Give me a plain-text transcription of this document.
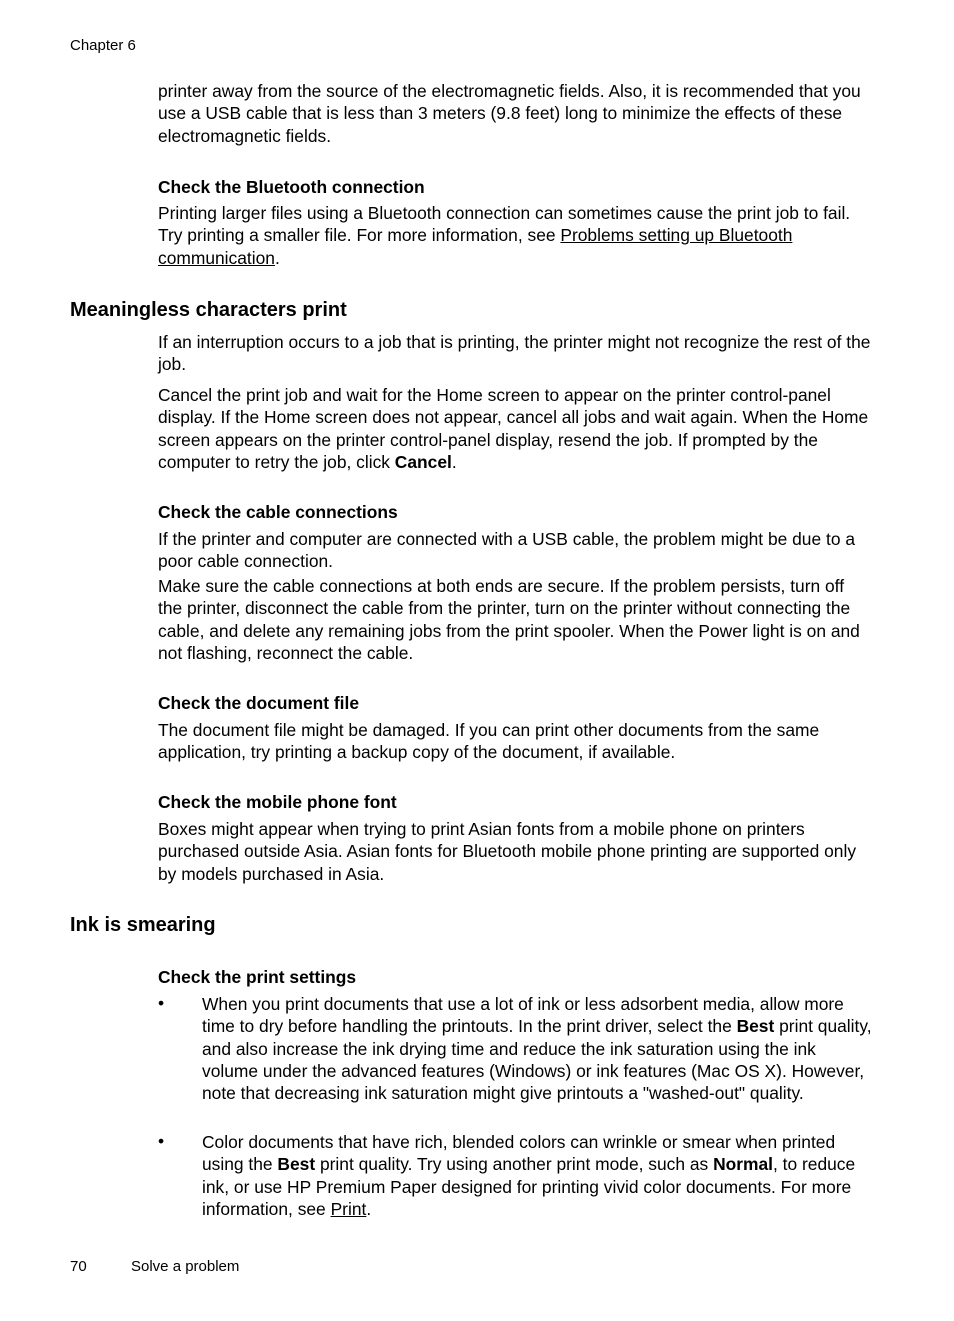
Chapter 6
printer away from the source of the electromagnetic fields. Also, it is recommended that you use a USB cable that is less than 3 meters (9.8 feet) long to minimize the effects of these electromagnetic fields.
Check the Bluetooth connection
Printing larger files using a Bluetooth connection can sometimes cause the print job to fail. Try printing a smaller file. For more information, see Problems setting up Bluetooth communication.
Meaningless characters print
If an interruption occurs to a job that is printing, the printer might not recognize the rest of the job.
Cancel the print job and wait for the Home screen to appear on the printer control-panel display. If the Home screen does not appear, cancel all jobs and wait again. When the Home screen appears on the printer control-panel display, resend the job. If prompted by the computer to retry the job, click Cancel.
Check the cable connections
If the printer and computer are connected with a USB cable, the problem might be due to a poor cable connection.
Make sure the cable connections at both ends are secure. If the problem persists, turn off the printer, disconnect the cable from the printer, turn on the printer without connecting the cable, and delete any remaining jobs from the print spooler. When the Power light is on and not flashing, reconnect the cable.
Check the document file
The document file might be damaged. If you can print other documents from the same application, try printing a backup copy of the document, if available.
Check the mobile phone font
Boxes might appear when trying to print Asian fonts from a mobile phone on printers purchased outside Asia. Asian fonts for Bluetooth mobile phone printing are supported only by models purchased in Asia.
Ink is smearing
Check the print settings
• When you print documents that use a lot of ink or less adsorbent media, allow more time to dry before handling the printouts. In the print driver, select the Best print quality, and also increase the ink drying time and reduce the ink saturation using the ink volume under the advanced features (Windows) or ink features (Mac OS X). However, note that decreasing ink saturation might give printouts a "washed-out" quality.
• Color documents that have rich, blended colors can wrinkle or smear when printed using the Best print quality. Try using another print mode, such as Normal, to reduce ink, or use HP Premium Paper designed for printing vivid color documents. For more information, see Print.
70	Solve a problem
